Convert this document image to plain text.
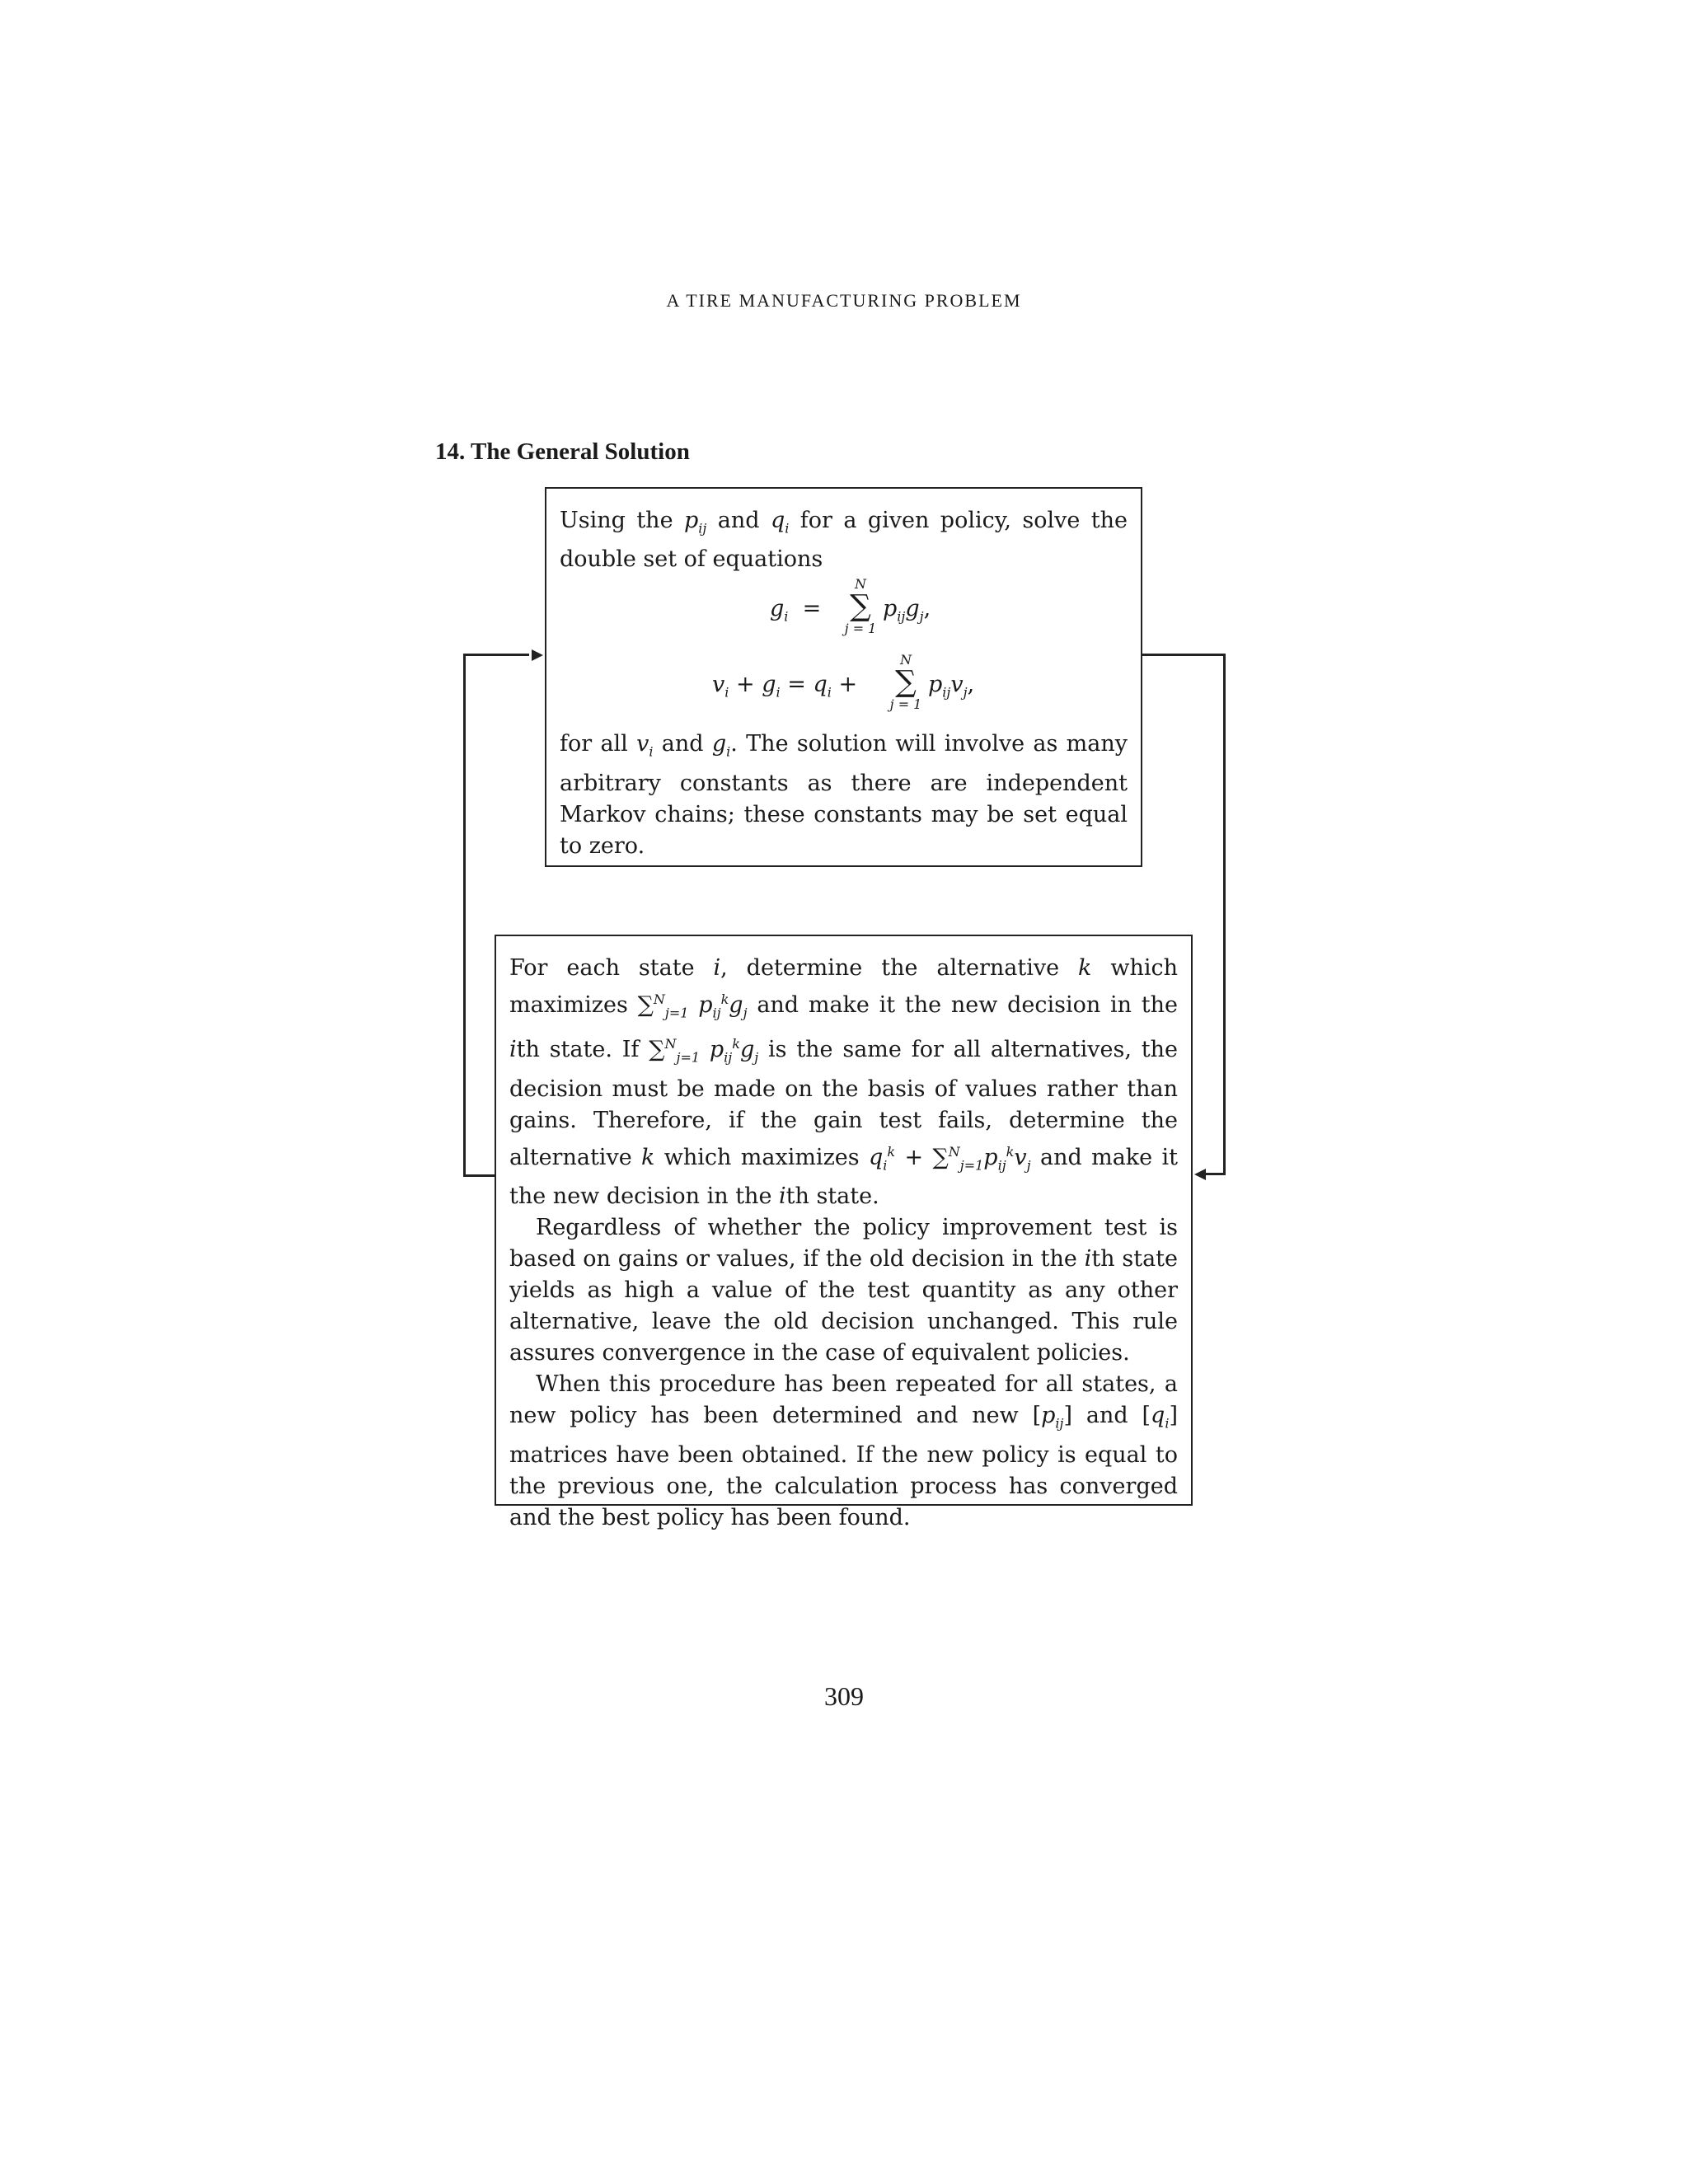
A TIRE MANUFACTURING PROBLEM
14. The General Solution

Using the $p_{ij}$ and $q_i$ for a given policy, solve the double set of equations

$g_i$ =
N
∑
j = 1
$p_{ij}g_j$,
$v_i + g_i = q_i$ +
N
∑
j = 1
$p_{ij}v_j$,

for all $v_i$ and $g_i$. The solution will involve as many arbitrary constants as there are independent Markov chains; these constants may be set equal to zero.

For each state i, determine the alternative k which maximizes ∑$^N_{j=1}$ $p_{ij}^kg_j$ and make it the new decision in the ith state. If ∑$^N_{j=1}$ $p_{ij}^kg_j$ is the same for all alternatives, the decision must be made on the basis of values rather than gains. Therefore, if the gain test fails, determine the alternative k which maximizes $q_i^k + \sum^N_{j=1}p_{ij}^kv_j$ and make it the new decision in the ith state.

Regardless of whether the policy improvement test is based on gains or values, if the old decision in the ith state yields as high a value of the test quantity as any other alternative, leave the old decision unchanged. This rule assures convergence in the case of equivalent policies.

When this procedure has been repeated for all states, a new policy has been determined and new $[p_{ij}]$ and $[q_i]$ matrices have been obtained. If the new policy is equal to the previous one, the calculation process has converged and the best policy has been found.

309
